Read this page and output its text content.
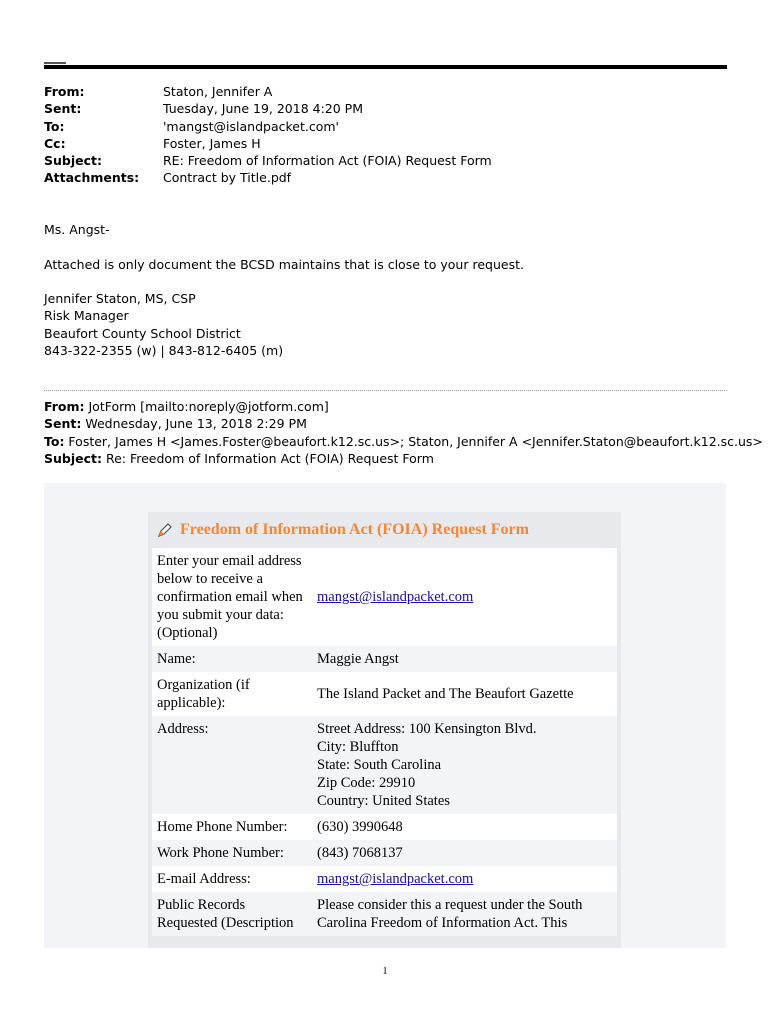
From:	Staton, Jennifer A
Sent:	Tuesday, June 19, 2018 4:20 PM
To:	'mangst@islandpacket.com'
Cc:	Foster, James H
Subject:	RE: Freedom of Information Act (FOIA) Request Form
Attachments:	Contract by Title.pdf
Ms. Angst-
Attached is only document the BCSD maintains that is close to your request.
Jennifer Staton, MS, CSP
Risk Manager
Beaufort County School District
843-322-2355 (w) | 843-812-6405 (m)
From: JotForm [mailto:noreply@jotform.com]
Sent: Wednesday, June 13, 2018 2:29 PM
To: Foster, James H <James.Foster@beaufort.k12.sc.us>; Staton, Jennifer A <Jennifer.Staton@beaufort.k12.sc.us>
Subject: Re: Freedom of Information Act (FOIA) Request Form
Freedom of Information Act (FOIA) Request Form
Enter your email address below to receive a confirmation email when you submit your data: (Optional)	mangst@islandpacket.com
Name:	Maggie Angst
Organization (if applicable):	The Island Packet and The Beaufort Gazette
Address:	Street Address: 100 Kensington Blvd.
City: Bluffton
State: South Carolina
Zip Code: 29910
Country: United States

Home Phone Number:	(630) 3990648
Work Phone Number:	(843) 7068137
E-mail Address:	mangst@islandpacket.com
Public Records Requested (Description	Please consider this a request under the South Carolina Freedom of Information Act. This
1
